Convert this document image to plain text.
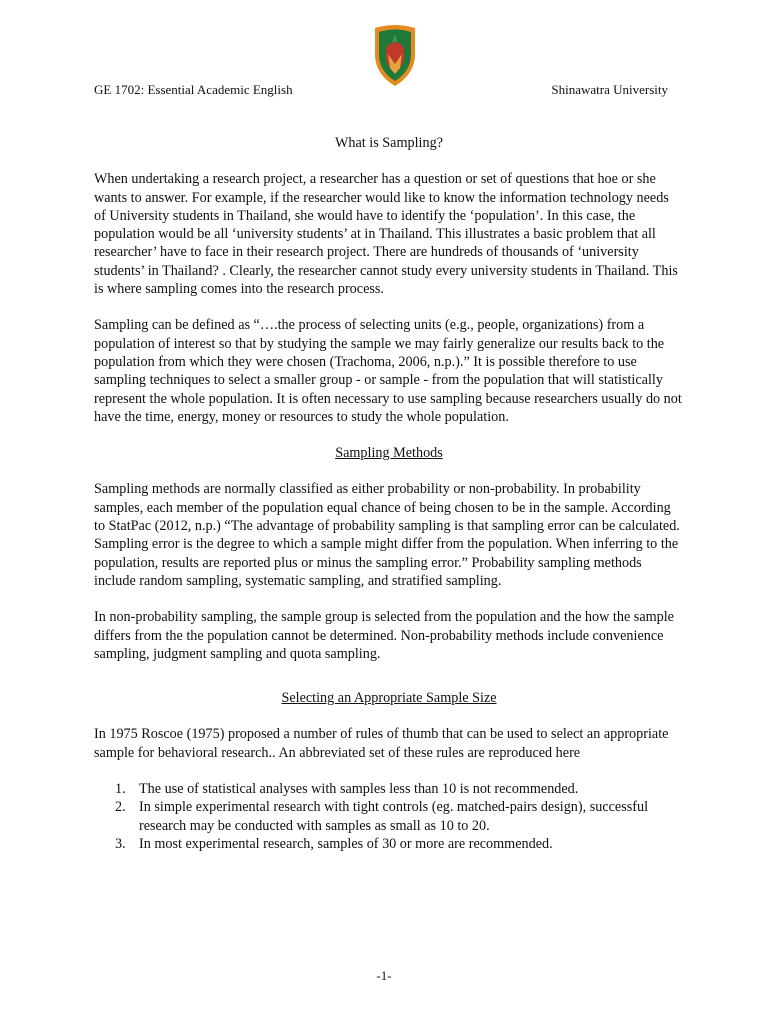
GE 1702: Essential Academic English	Shinawatra University
What is Sampling?

When undertaking a research project, a researcher has a question or set of questions that hoe or she wants to answer. For example, if the researcher would like to know the information technology needs of University students in Thailand, she would have to identify the ‘population’. In this case, the population would be all ‘university students’ at in Thailand. This illustrates a basic problem that all researcher’ have to face in their research project. There are hundreds of thousands of ‘university students’ in Thailand? . Clearly, the researcher cannot study every university students in Thailand. This is where sampling comes into the research process.

Sampling can be defined as “….the process of selecting units (e.g., people, organizations) from a population of interest so that by studying the sample we may fairly generalize our results back to the population from which they were chosen (Trachoma, 2006, n.p.).” It is possible therefore to use sampling techniques to select a smaller group - or sample - from the population that will statistically represent the whole population. It is often necessary to use sampling because researchers usually do not have the time, energy, money or resources to study the whole population.

Sampling Methods

Sampling methods are normally classified as either probability or non-probability. In probability samples, each member of the population equal chance of being chosen to be in the sample. According to StatPac (2012, n.p.) “The advantage of probability sampling is that sampling error can be calculated. Sampling error is the degree to which a sample might differ from the population. When inferring to the population, results are reported plus or minus the sampling error.” Probability sampling methods include random sampling, systematic sampling, and stratified sampling.

In non-probability sampling, the sample group is selected from the population and the how the sample differs from the the population cannot be determined. Non-probability methods include convenience sampling, judgment sampling and quota sampling.

Selecting an Appropriate Sample Size

In 1975 Roscoe (1975) proposed a number of rules of thumb that can be used to select an appropriate sample for behavioral research.. An abbreviated set of these rules are reproduced here

1. The use of statistical analyses with samples less than 10 is not recommended.
2. In simple experimental research with tight controls (eg. matched-pairs design), successful research may be conducted with samples as small as 10 to 20.
3. In most experimental research, samples of 30 or more are recommended.
-1-
